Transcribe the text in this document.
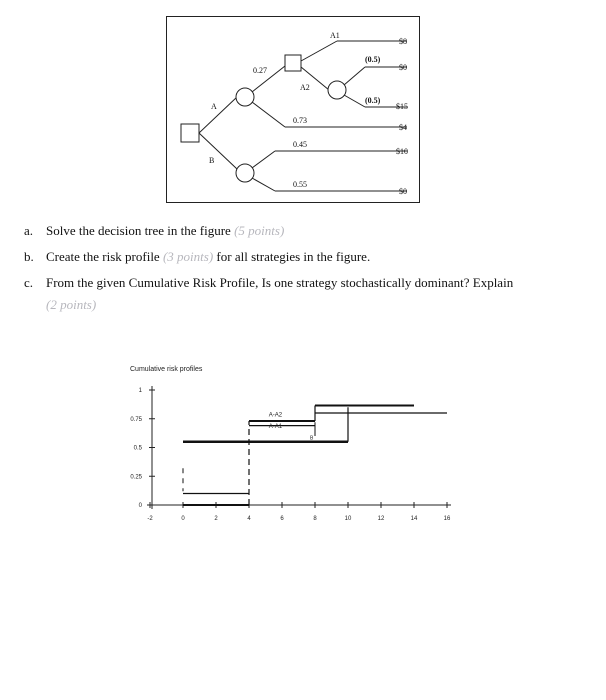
A
B
0.27
0.73
$4
A1
A2
$8
(0.5)
(0.5)
$0
$15
0.45
0.55
$10
$0
a. Solve the decision tree in the figure (5 points)
b. Create the risk profile (3 points) for all strategies in the figure.
c. From the given Cumulative Risk Profile, Is one strategy stochastically dominant? Explain
(2 points)
Cumulative risk profiles
-2	0	2	4	6	8	10	12	14	16
0
0.25
0.5
0.75
1
A-A2
A-A1
B
